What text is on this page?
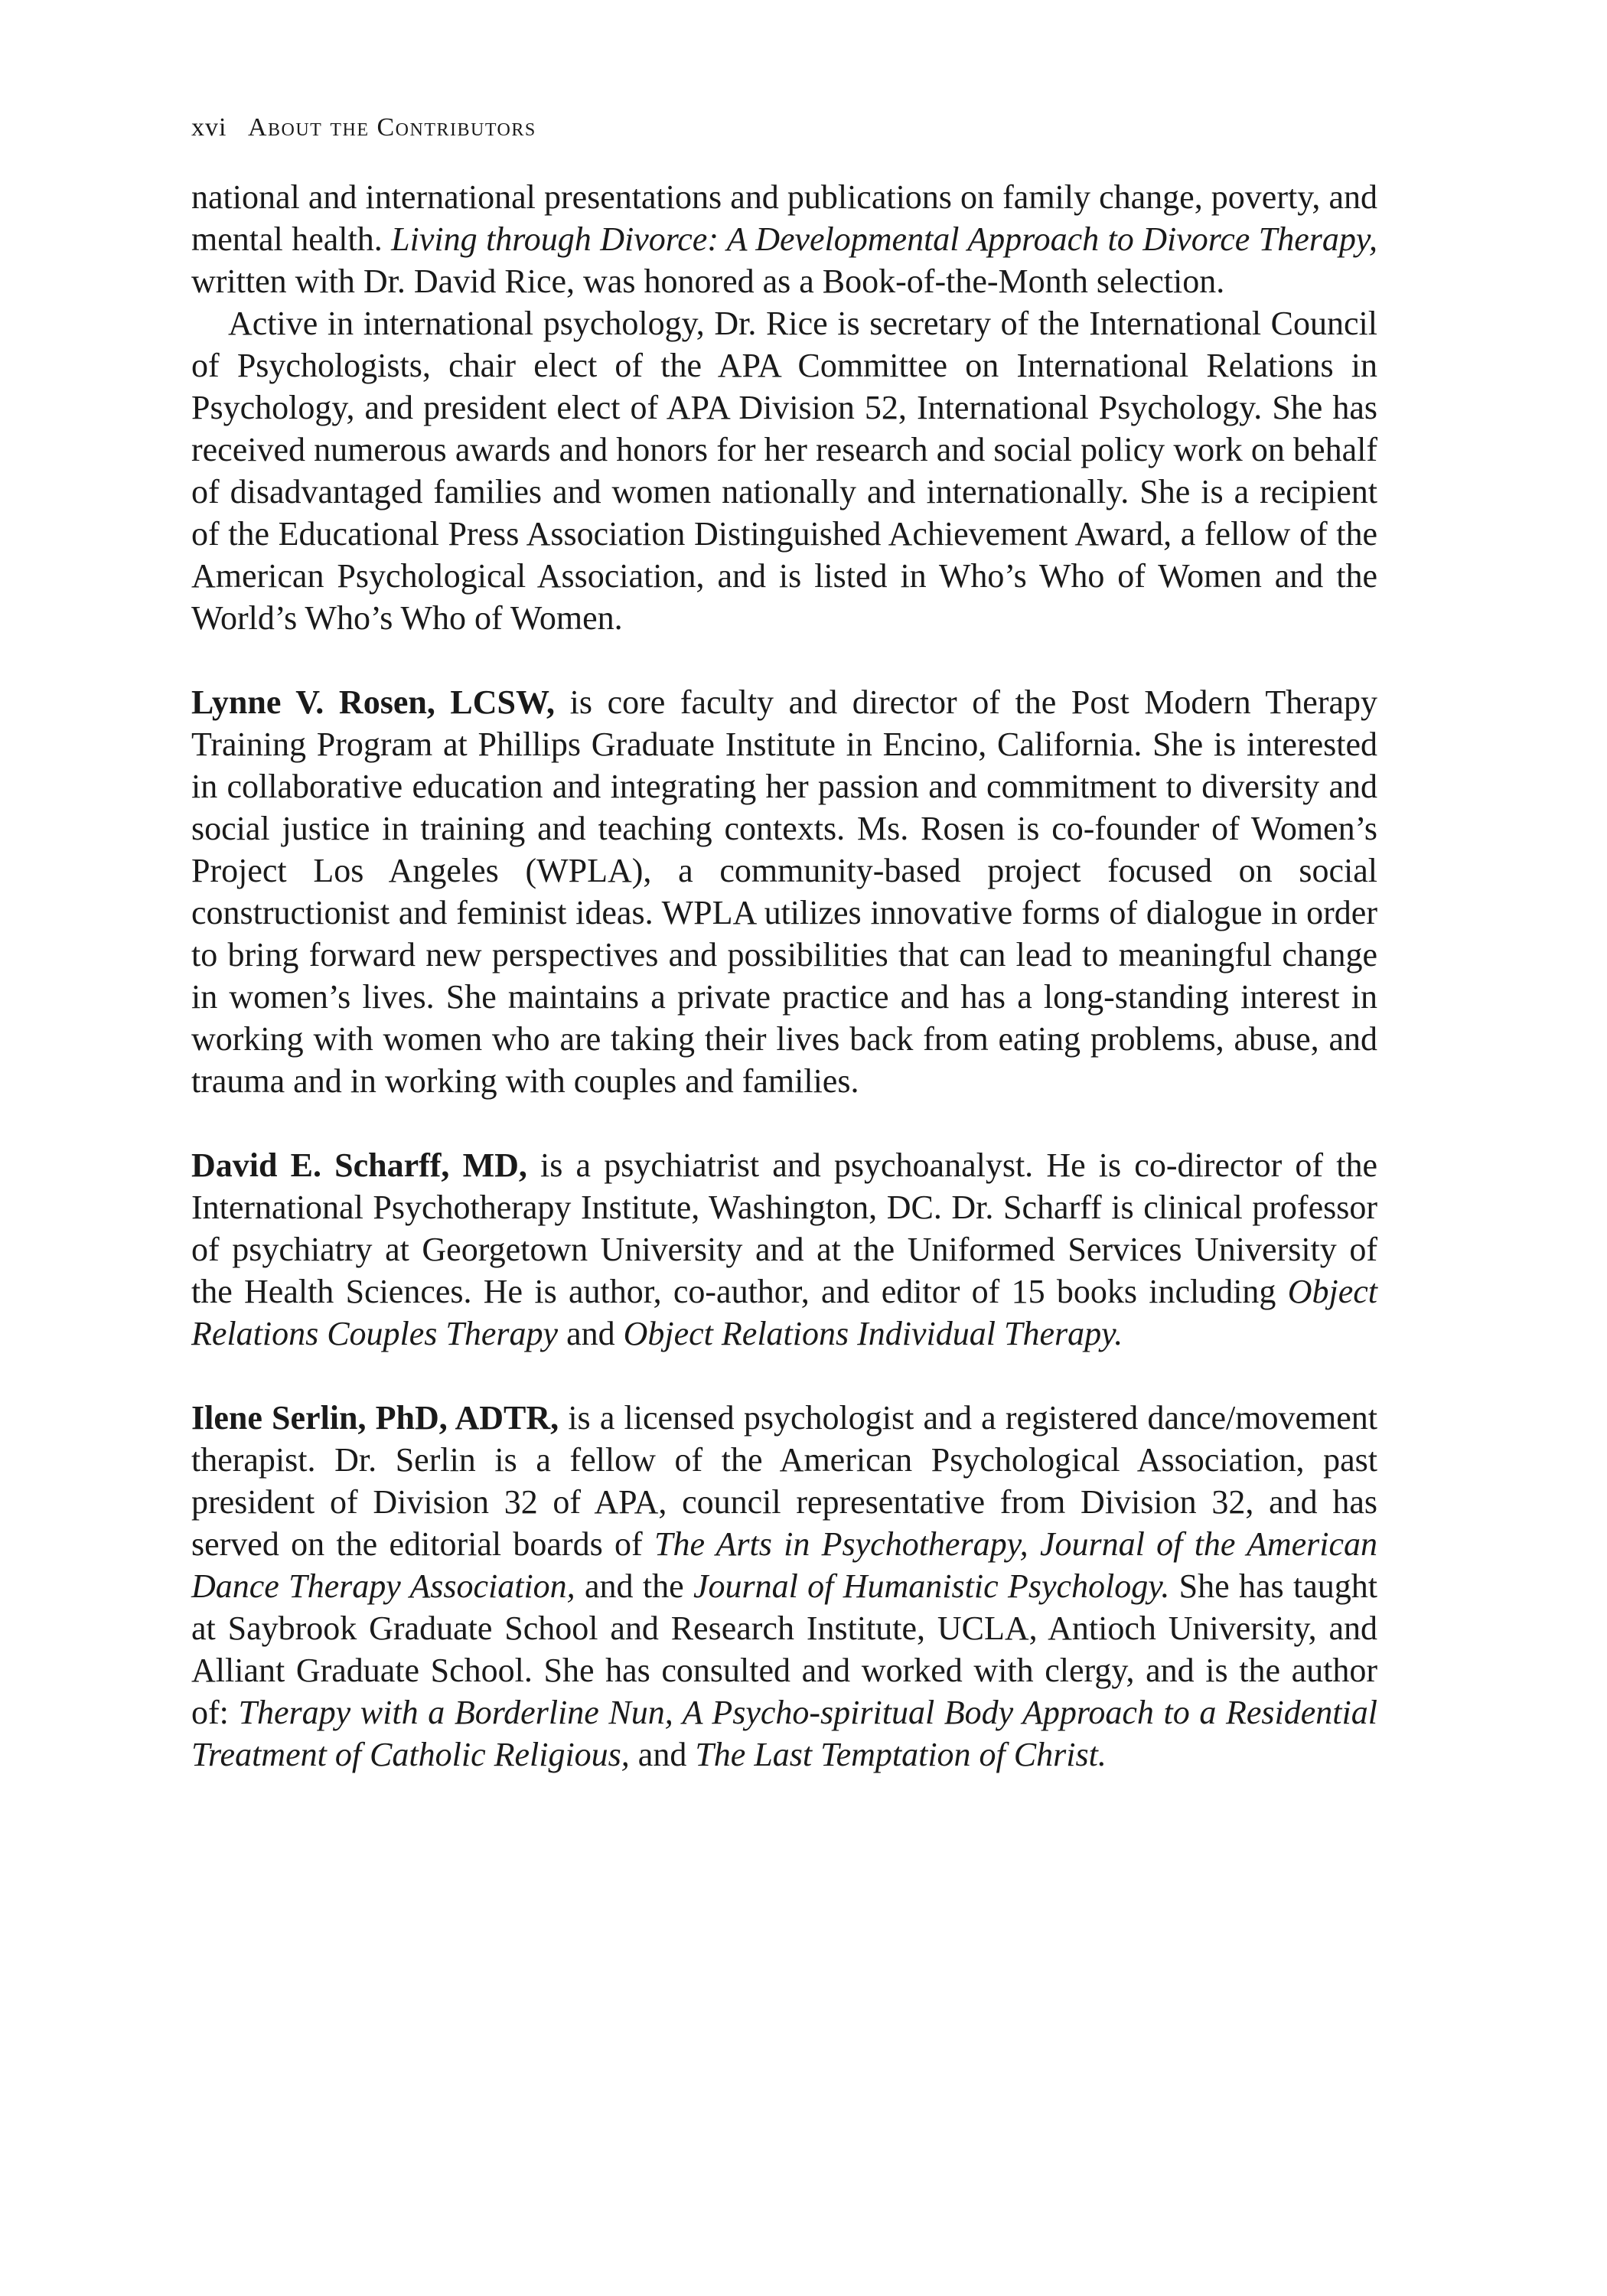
xvi About the Contributors

national and international presentations and publications on family change, poverty, and mental health. Living through Divorce: A Developmental Approach to Divorce Therapy, written with Dr. David Rice, was honored as a Book-of-the-Month selection.

Active in international psychology, Dr. Rice is secretary of the International Council of Psychologists, chair elect of the APA Committee on International Relations in Psychology, and president elect of APA Division 52, International Psychology. She has received numerous awards and honors for her research and social policy work on behalf of disadvantaged families and women nationally and internationally. She is a recipient of the Educational Press Association Distinguished Achievement Award, a fellow of the American Psychological Association, and is listed in Who’s Who of Women and the World’s Who’s Who of Women.

Lynne V. Rosen, LCSW, is core faculty and director of the Post Modern Therapy Training Program at Phillips Graduate Institute in Encino, California. She is interested in collaborative education and integrating her passion and commitment to diversity and social justice in training and teaching contexts. Ms. Rosen is co-founder of Women’s Project Los Angeles (WPLA), a community-based project focused on social constructionist and feminist ideas. WPLA utilizes innovative forms of dialogue in order to bring forward new perspectives and possibilities that can lead to meaningful change in women’s lives. She maintains a private practice and has a long-standing interest in working with women who are taking their lives back from eating problems, abuse, and trauma and in working with couples and families.

David E. Scharff, MD, is a psychiatrist and psychoanalyst. He is co-director of the International Psychotherapy Institute, Washington, DC. Dr. Scharff is clinical professor of psychiatry at Georgetown University and at the Uniformed Services University of the Health Sciences. He is author, co-author, and editor of 15 books including Object Relations Couples Therapy and Object Relations Individual Therapy.

Ilene Serlin, PhD, ADTR, is a licensed psychologist and a registered dance/movement therapist. Dr. Serlin is a fellow of the American Psychological Association, past president of Division 32 of APA, council representative from Division 32, and has served on the editorial boards of The Arts in Psychotherapy, Journal of the American Dance Therapy Association, and the Journal of Humanistic Psychology. She has taught at Saybrook Graduate School and Research Institute, UCLA, Antioch University, and Alliant Graduate School. She has consulted and worked with clergy, and is the author of: Therapy with a Borderline Nun, A Psycho-spiritual Body Approach to a Residential Treatment of Catholic Religious, and The Last Temptation of Christ.
